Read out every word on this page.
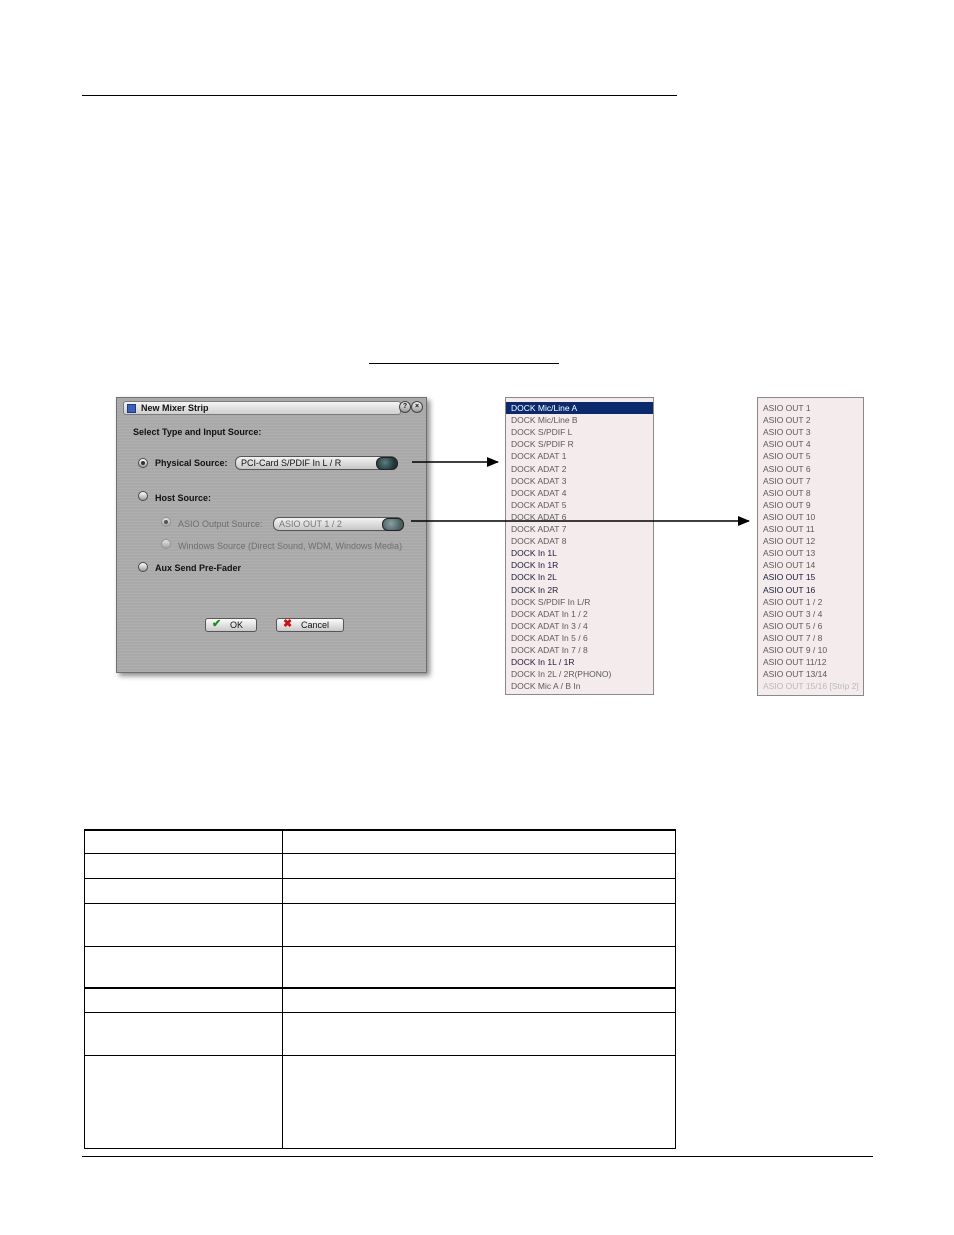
New Mixer Strip	?	×
Select Type and Input Source:
Physical Source: PCI-Card S/PDIF In L / R
Host Source:
ASIO Output Source: ASIO OUT 1 / 2
Windows Source (Direct Sound, WDM, Windows Media)
Aux Send Pre-Fader
✔ OK	✖ Cancel
DOCK Mic/Line A
DOCK Mic/Line B
DOCK S/PDIF L
DOCK S/PDIF R
DOCK ADAT 1
DOCK ADAT 2
DOCK ADAT 3
DOCK ADAT 4
DOCK ADAT 5
DOCK ADAT 6
DOCK ADAT 7
DOCK ADAT 8
DOCK In 1L
DOCK In 1R
DOCK In 2L
DOCK In 2R
DOCK S/PDIF In L/R
DOCK ADAT In 1 / 2
DOCK ADAT In 3 / 4
DOCK ADAT In 5 / 6
DOCK ADAT In 7 / 8
DOCK In 1L / 1R
DOCK In 2L / 2R(PHONO)
DOCK Mic A / B In
ASIO OUT 1
ASIO OUT 2
ASIO OUT 3
ASIO OUT 4
ASIO OUT 5
ASIO OUT 6
ASIO OUT 7
ASIO OUT 8
ASIO OUT 9
ASIO OUT 10
ASIO OUT 11
ASIO OUT 12
ASIO OUT 13
ASIO OUT 14
ASIO OUT 15
ASIO OUT 16
ASIO OUT 1 / 2
ASIO OUT 3 / 4
ASIO OUT 5 / 6
ASIO OUT 7 / 8
ASIO OUT 9 / 10
ASIO OUT 11/12
ASIO OUT 13/14
ASIO OUT 15/16 [Strip 2]
